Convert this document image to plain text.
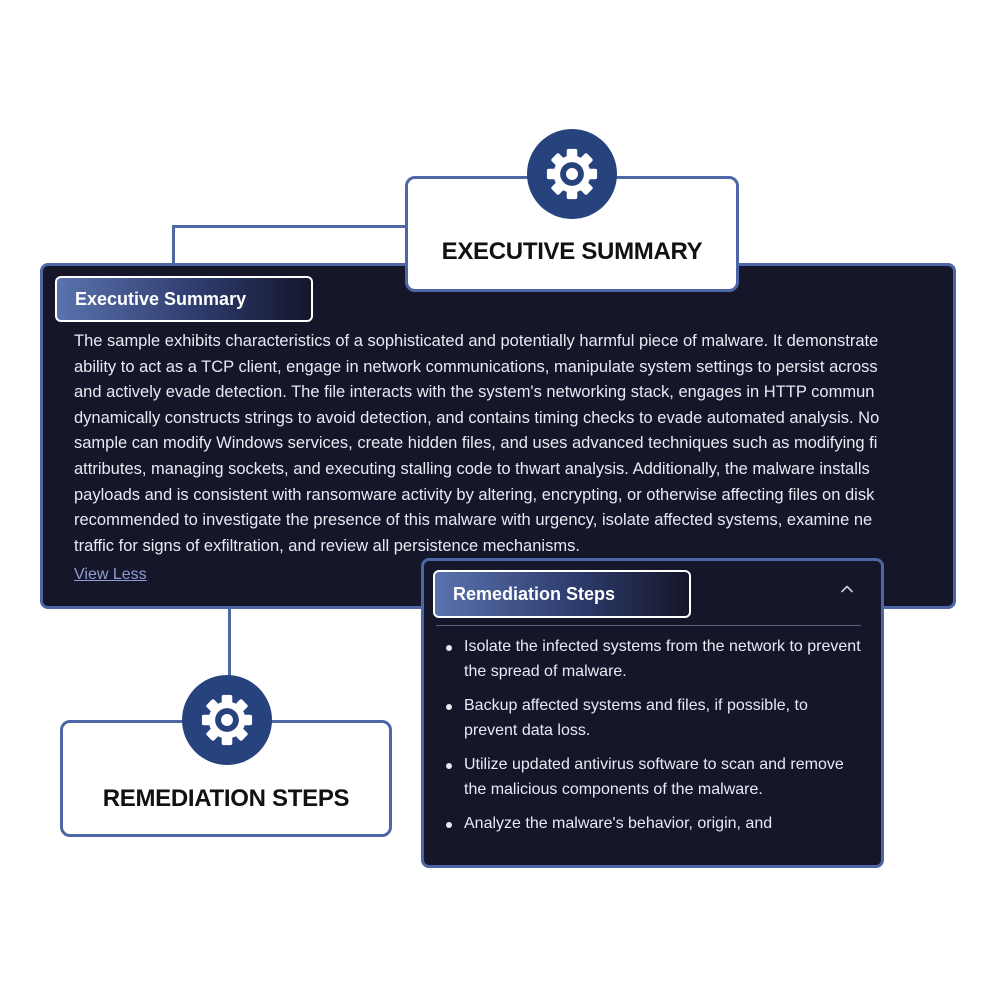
Executive Summary
The sample exhibits characteristics of a sophisticated and potentially harmful piece of malware. It demonstrate
ability to act as a TCP client, engage in network communications, manipulate system settings to persist across
and actively evade detection. The file interacts with the system's networking stack, engages in HTTP commun
dynamically constructs strings to avoid detection, and contains timing checks to evade automated analysis. No
sample can modify Windows services, create hidden files, and uses advanced techniques such as modifying fi
attributes, managing sockets, and executing stalling code to thwart analysis. Additionally, the malware installs
payloads and is consistent with ransomware activity by altering, encrypting, or otherwise affecting files on disk
recommended to investigate the presence of this malware with urgency, isolate affected systems, examine ne
traffic for signs of exfiltration, and review all persistence mechanisms.
View Less
Remediation Steps
Isolate the infected systems from the network to prevent the spread of malware.
Backup affected systems and files, if possible, to prevent data loss.
Utilize updated antivirus software to scan and remove the malicious components of the malware.
Analyze the malware's behavior, origin, and
EXECUTIVE SUMMARY
REMEDIATION STEPS
